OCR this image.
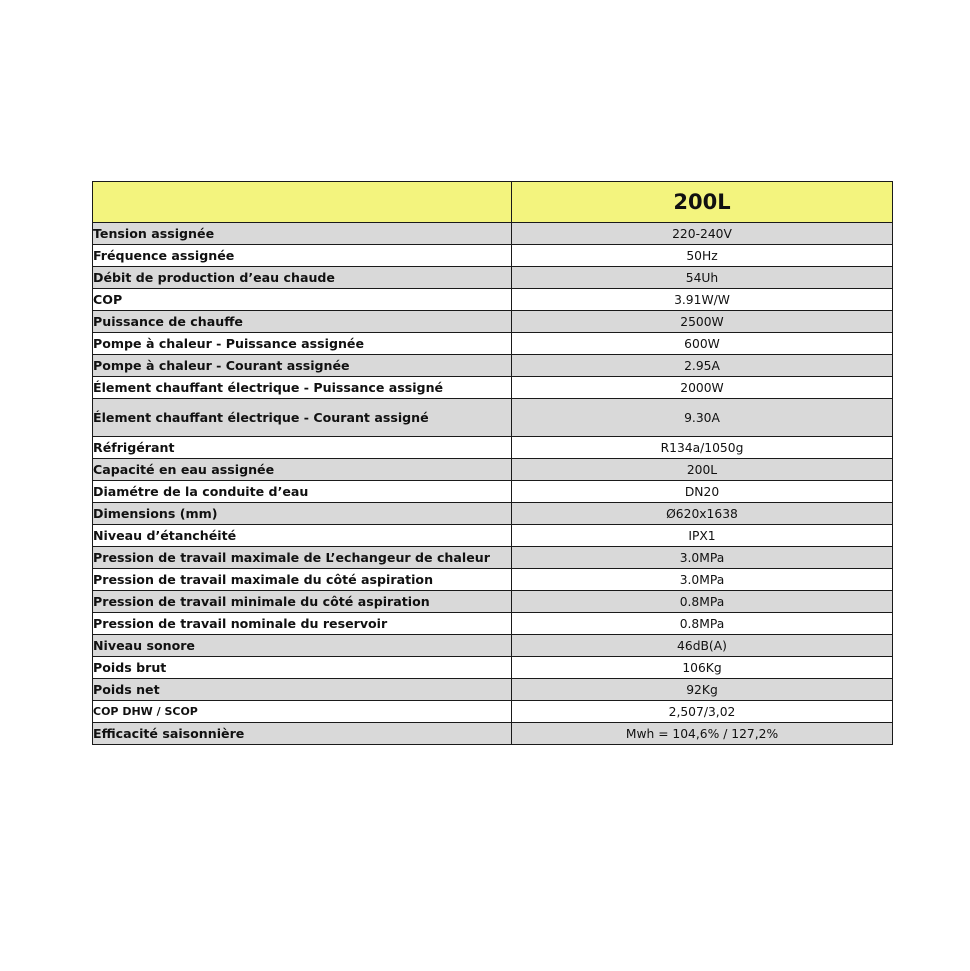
	200L
Tension assignée	220-240V
Fréquence assignée	50Hz
Débit de production d’eau chaude	54Uh
COP	3.91W/W
Puissance de chauffe	2500W
Pompe à chaleur - Puissance assignée	600W
Pompe à chaleur - Courant assignée	2.95A
Élement chauffant électrique - Puissance assigné	2000W
Élement chauffant électrique - Courant assigné	9.30A
Réfrigérant	R134a/1050g
Capacité en eau assignée	200L
Diamétre de la conduite d’eau	DN20
Dimensions (mm)	Ø620x1638
Niveau d’étanchéité	IPX1
Pression de travail maximale de L’echangeur de chaleur	3.0MPa
Pression de travail maximale du côté aspiration	3.0MPa
Pression de travail minimale du côté aspiration	0.8MPa
Pression de travail nominale du reservoir	0.8MPa
Niveau sonore	46dB(A)
Poids brut	106Kg
Poids net	92Kg
COP DHW / SCOP	2,507/3,02
Efficacité saisonnière	Mwh = 104,6% / 127,2%
